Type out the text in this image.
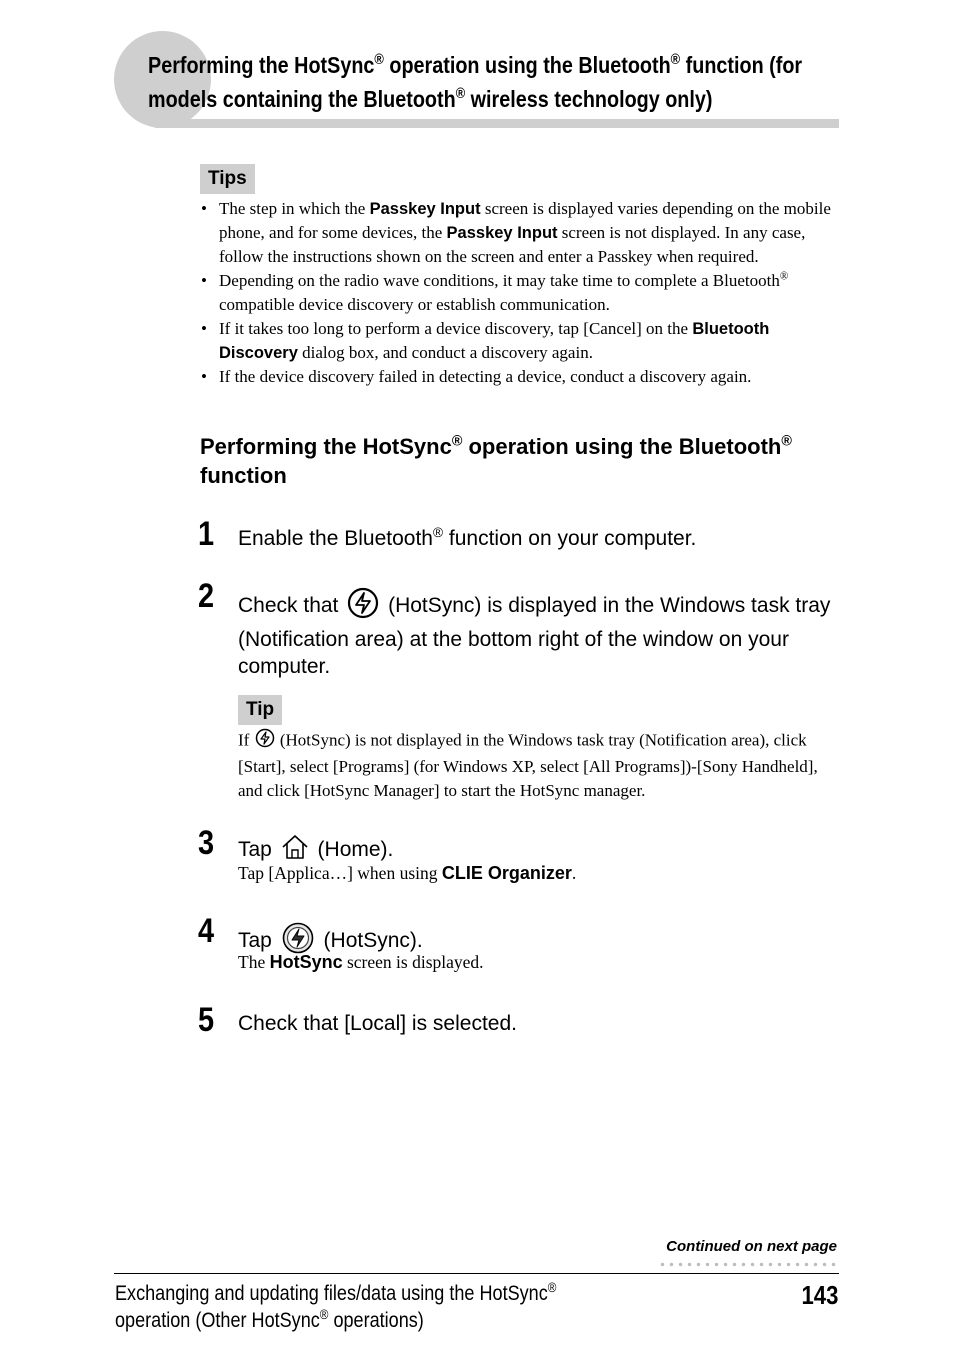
Performing the HotSync® operation using the Bluetooth® function (for
models containing the Bluetooth® wireless technology only)
Tips
• The step in which the Passkey Input screen is displayed varies depending on the mobile phone, and for some devices, the Passkey Input screen is not displayed. In any case, follow the instructions shown on the screen and enter a Passkey when required.
• Depending on the radio wave conditions, it may take time to complete a Bluetooth® compatible device discovery or establish communication.
• If it takes too long to perform a device discovery, tap [Cancel] on the Bluetooth Discovery dialog box, and conduct a discovery again.
• If the device discovery failed in detecting a device, conduct a discovery again.
Performing the HotSync® operation using the Bluetooth®
function
1 Enable the Bluetooth® function on your computer.
2 Check that  (HotSync) is displayed in the Windows task tray (Notification area) at the bottom right of the window on your computer.
Tip
If  (HotSync) is not displayed in the Windows task tray (Notification area), click [Start], select [Programs] (for Windows XP, select [All Programs])-[Sony Handheld], and click [HotSync Manager] to start the HotSync manager.
3 Tap  (Home).
Tap [Applica…] when using CLIE Organizer.
4 Tap  (HotSync).
The HotSync screen is displayed.
5 Check that [Local] is selected.
Continued on next page
Exchanging and updating files/data using the HotSync®
operation (Other HotSync® operations)
143
